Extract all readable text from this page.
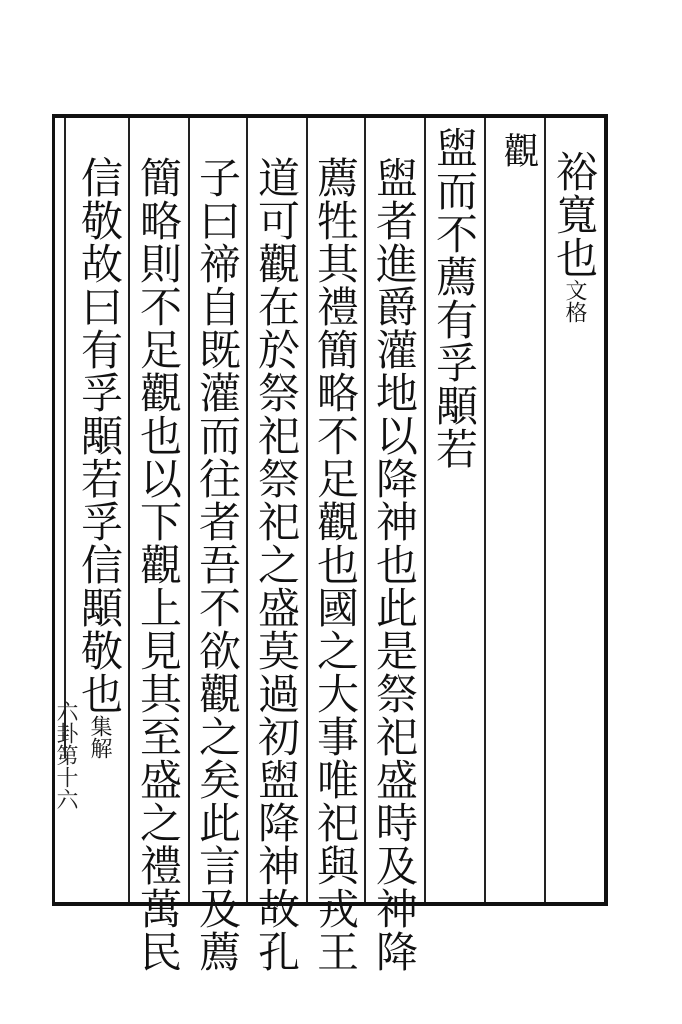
裕寬也文格
觀
盥而不薦有孚顒若
盥者進爵灌地以降神也此是祭祀盛時及神降
薦牲其禮簡略不足觀也國之大事唯祀與戎王
道可觀在於祭祀祭祀之盛莫過初盥降神故孔
子曰禘自既灌而往者吾不欲觀之矣此言及薦
簡略則不足觀也以下觀上見其至盛之禮萬民
信敬故曰有孚顒若孚信顒敬也集解
六卦第十六
